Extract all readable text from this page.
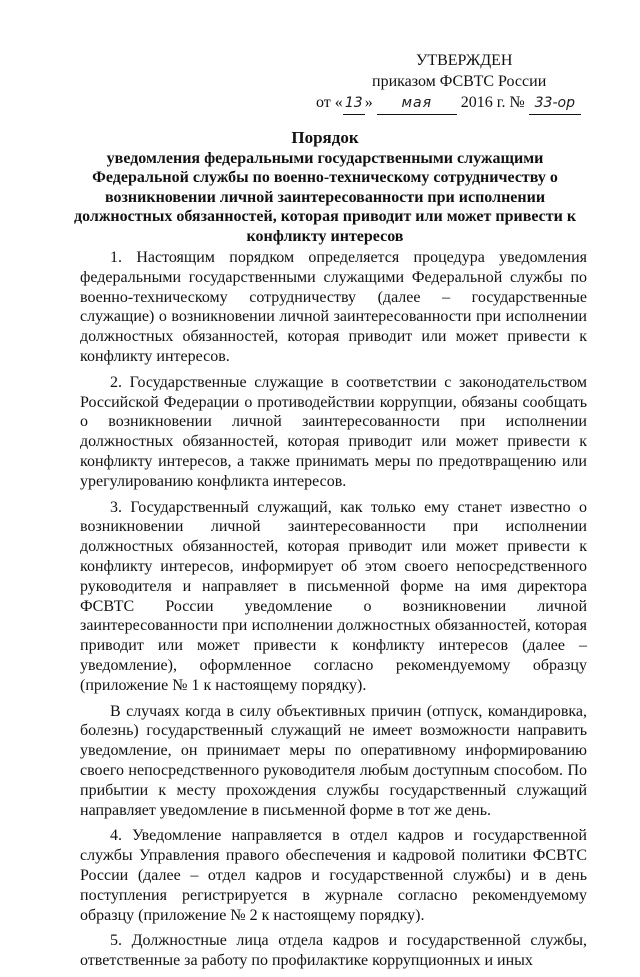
УТВЕРЖДЕН
приказом ФСВТС России
от « 13 » мая 2016 г. № 33-ор
Порядок
уведомления федеральными государственными служащими Федеральной службы по военно-техническому сотрудничеству о возникновении личной заинтересованности при исполнении должностных обязанностей, которая приводит или может привести к конфликту интересов

1. Настоящим порядком определяется процедура уведомления федеральными государственными служащими Федеральной службы по военно-техническому сотрудничеству (далее – государственные служащие) о возникновении личной заинтересованности при исполнении должностных обязанностей, которая приводит или может привести к конфликту интересов.

2. Государственные служащие в соответствии с законодательством Российской Федерации о противодействии коррупции, обязаны сообщать о возникновении личной заинтересованности при исполнении должностных обязанностей, которая приводит или может привести к конфликту интересов, а также принимать меры по предотвращению или урегулированию конфликта интересов.

3. Государственный служащий, как только ему станет известно о возникновении личной заинтересованности при исполнении должностных обязанностей, которая приводит или может привести к конфликту интересов, информирует об этом своего непосредственного руководителя и направляет в письменной форме на имя директора ФСВТС России уведомление о возникновении личной заинтересованности при исполнении должностных обязанностей, которая приводит или может привести к конфликту интересов (далее – уведомление), оформленное согласно рекомендуемому образцу (приложение № 1 к настоящему порядку).

В случаях когда в силу объективных причин (отпуск, командировка, болезнь) государственный служащий не имеет возможности направить уведомление, он принимает меры по оперативному информированию своего непосредственного руководителя любым доступным способом. По прибытии к месту прохождения службы государственный служащий направляет уведомление в письменной форме в тот же день.

4. Уведомление направляется в отдел кадров и государственной службы Управления правого обеспечения и кадровой политики ФСВТС России (далее – отдел кадров и государственной службы) и в день поступления регистрируется в журнале согласно рекомендуемому образцу (приложение № 2 к настоящему порядку).

5. Должностные лица отдела кадров и государственной службы, ответственные за работу по профилактике коррупционных и иных
